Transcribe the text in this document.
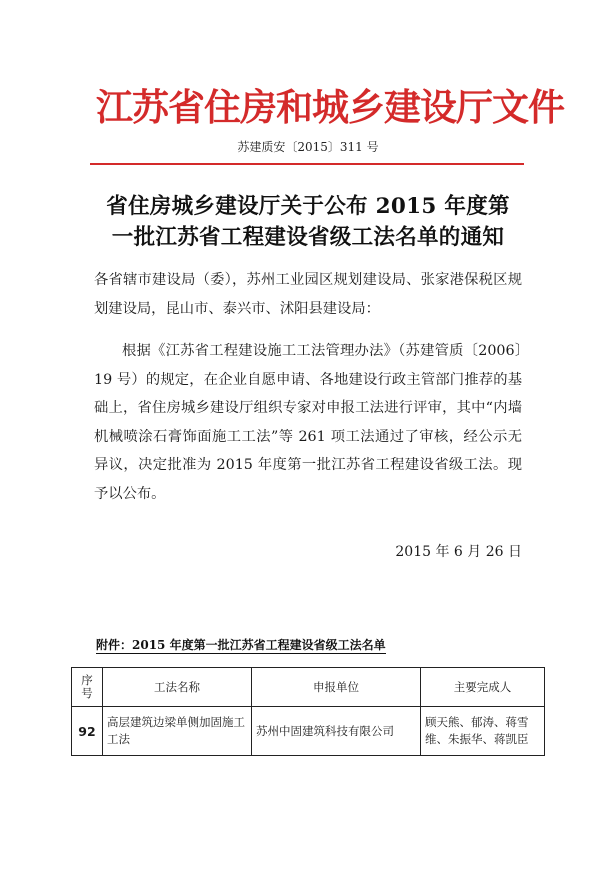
江苏省住房和城乡建设厅文件
苏建质安〔2015〕311 号
省住房城乡建设厅关于公布 2015 年度第
一批江苏省工程建设省级工法名单的通知
各省辖市建设局（委），苏州工业园区规划建设局、张家港保税区规划建设局，昆山市、泰兴市、沭阳县建设局：
根据《江苏省工程建设施工工法管理办法》（苏建管质〔2006〕19 号）的规定，在企业自愿申请、各地建设行政主管部门推荐的基础上，省住房城乡建设厅组织专家对申报工法进行评审，其中“内墙机械喷涂石膏饰面施工工法”等 261 项工法通过了审核，经公示无异议，决定批准为 2015 年度第一批江苏省工程建设省级工法。现予以公布。
2015 年 6 月 26 日
附件：2015 年度第一批江苏省工程建设省级工法名单
序号	工法名称	申报单位	主要完成人
92	高层建筑边梁单侧加固施工工法	苏州中固建筑科技有限公司	顾天熊、郁涛、蒋雪维、朱振华、蒋凯臣
